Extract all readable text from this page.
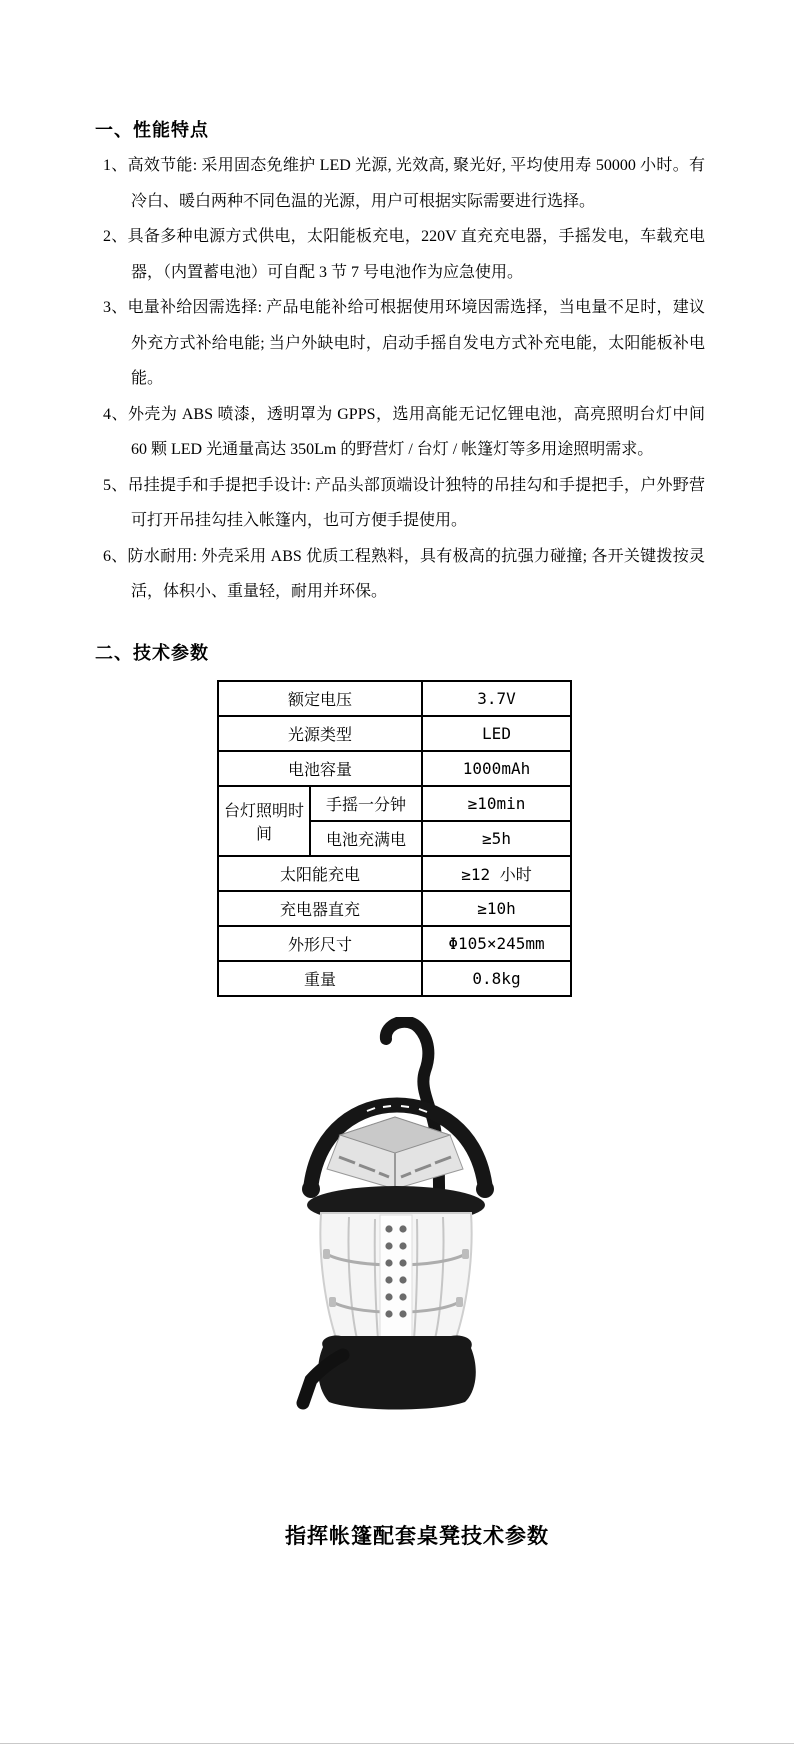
一、性能特点
1、高效节能: 采用固态免维护 LED 光源, 光效高, 聚光好, 平均使用寿 50000 小时。有冷白、暖白两种不同色温的光源，用户可根据实际需要进行选择。
2、具备多种电源方式供电，太阳能板充电，220V 直充充电器，手摇发电，车载充电器，（内置蓄电池）可自配 3 节 7 号电池作为应急使用。
3、电量补给因需选择: 产品电能补给可根据使用环境因需选择，当电量不足时，建议外充方式补给电能; 当户外缺电时，启动手摇自发电方式补充电能，太阳能板补电能。
4、外壳为 ABS 喷漆，透明罩为 GPPS，选用高能无记忆锂电池，高亮照明台灯中间 60 颗 LED 光通量高达 350Lm 的野营灯 / 台灯 / 帐篷灯等多用途照明需求。
5、吊挂提手和手提把手设计: 产品头部顶端设计独特的吊挂勾和手提把手，户外野营可打开吊挂勾挂入帐篷内，也可方便手提使用。
6、防水耐用: 外壳采用 ABS 优质工程熟料，具有极高的抗强力碰撞; 各开关键拨按灵活，体积小、重量轻，耐用并环保。
二、技术参数
额定电压		3.7V
光源类型		LED
电池容量		1000mAh
台灯照明时间	手摇一分钟	≥10min
	电池充满电	≥5h
太阳能充电		≥12 小时
充电器直充		≥10h
外形尺寸		Φ105×245mm
重量		0.8kg
指挥帐篷配套桌凳技术参数
